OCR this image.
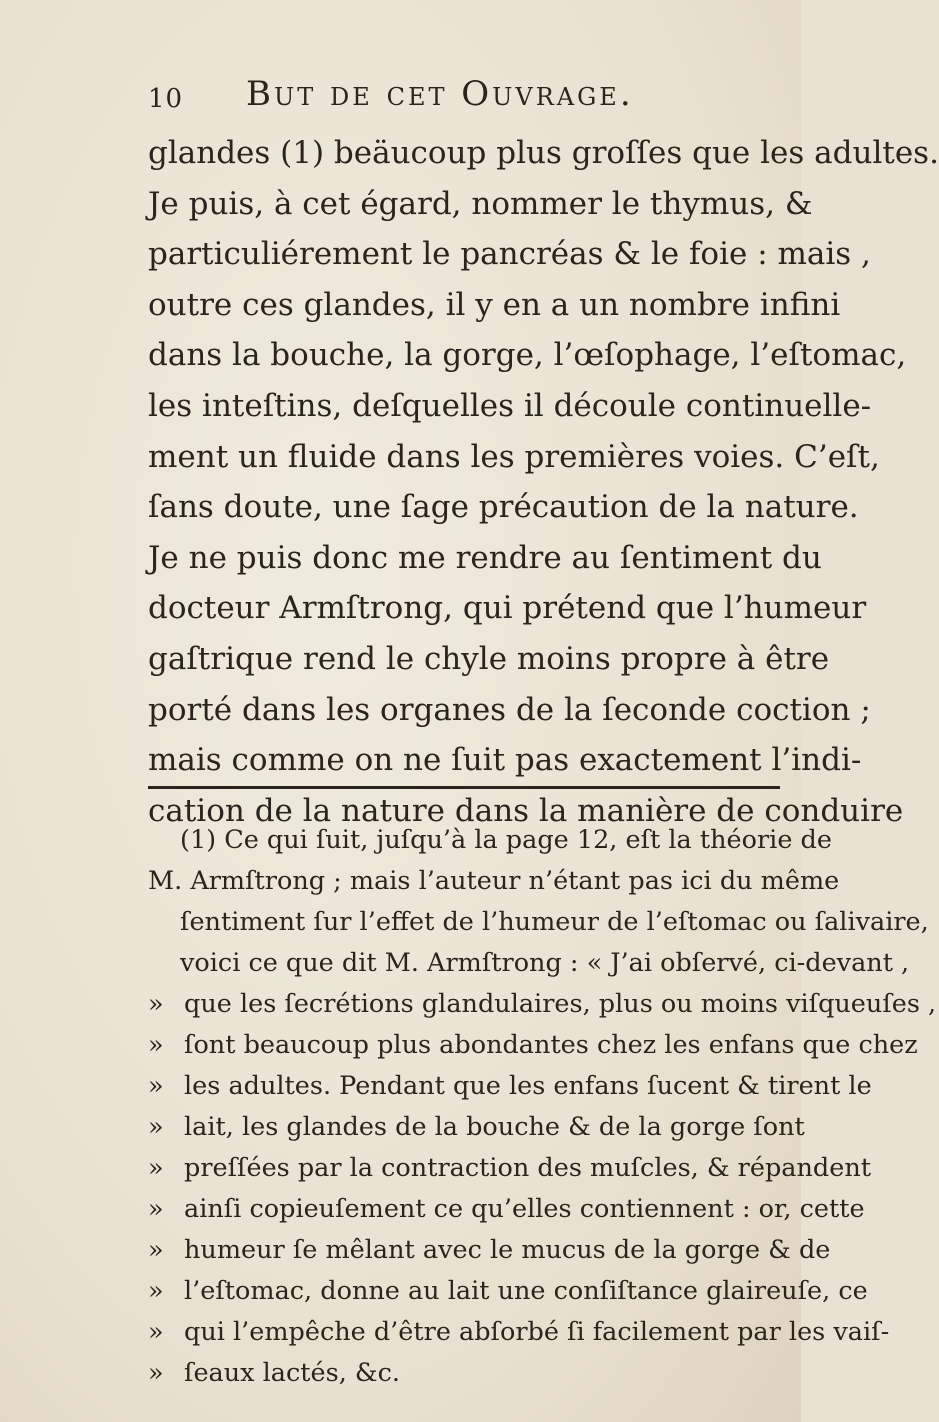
10 But de cet Ouvrage.
glandes (1) beäucoup plus groſſes que les adultes.
Je puis, à cet égard, nommer le thymus, &
particuliérement le pancréas & le foie : mais ,
outre ces glandes, il y en a un nombre infini
dans la bouche, la gorge, l’œſophage, l’eſtomac,
les inteſtins, deſquelles il découle continuelle-
ment un fluide dans les premières voies. C’eſt,
ſans doute, une ſage précaution de la nature.
Je ne puis donc me rendre au ſentiment du
docteur Armſtrong, qui prétend que l’humeur
gaſtrique rend le chyle moins propre à être
porté dans les organes de la ſeconde coction ;
mais comme on ne ſuit pas exactement l’indi-
cation de la nature dans la manière de conduire
(1) Ce qui ſuit, juſqu’à la page 12, eſt la théorie de
M. Armſtrong ; mais l’auteur n’étant pas ici du même
ſentiment ſur l’effet de l’humeur de l’eſtomac ou ſalivaire,
voici ce que dit M. Armſtrong : « J’ai obſervé, ci-devant ,
» que les ſecrétions glandulaires, plus ou moins viſqueuſes ,
» ſont beaucoup plus abondantes chez les enfans que chez
» les adultes. Pendant que les enfans ſucent & tirent le
» lait, les glandes de la bouche & de la gorge ſont
» preſſées par la contraction des muſcles, & répandent
» ainſi copieuſement ce qu’elles contiennent : or, cette
» humeur ſe mêlant avec le mucus de la gorge & de
» l’eſtomac, donne au lait une conſiſtance glaireuſe, ce
» qui l’empêche d’être abſorbé ſi facilement par les vaiſ-
» ſeaux lactés, &c.
